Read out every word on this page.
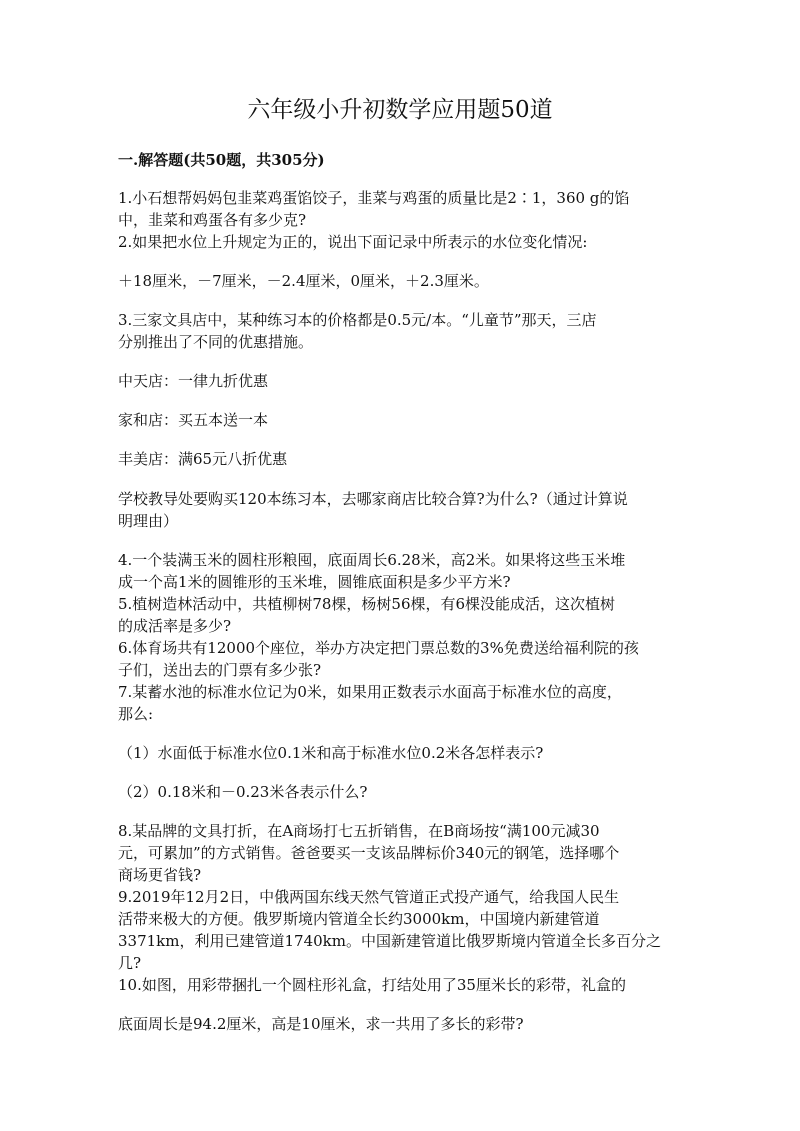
六年级小升初数学应用题50道
一.解答题(共50题，共305分)
1.小石想帮妈妈包韭菜鸡蛋馅饺子，韭菜与鸡蛋的质量比是2∶1，360 g的馅
中，韭菜和鸡蛋各有多少克?
2.如果把水位上升规定为正的，说出下面记录中所表示的水位变化情况:
＋18厘米，－7厘米，－2.4厘米，0厘米，＋2.3厘米。
3.三家文具店中，某种练习本的价格都是0.5元/本。“儿童节”那天，三店
分别推出了不同的优惠措施。
中天店：一律九折优惠
家和店：买五本送一本
丰美店：满65元八折优惠
学校教导处要购买120本练习本，去哪家商店比较合算?为什么?（通过计算说
明理由）
4.一个装满玉米的圆柱形粮囤，底面周长6.28米，高2米。如果将这些玉米堆
成一个高1米的圆锥形的玉米堆，圆锥底面积是多少平方米?
5.植树造林活动中，共植柳树78棵，杨树56棵，有6棵没能成活，这次植树
的成活率是多少?
6.体育场共有12000个座位，举办方决定把门票总数的3%免费送给福利院的孩
子们，送出去的门票有多少张?
7.某蓄水池的标准水位记为0米，如果用正数表示水面高于标准水位的高度，
那么:
（1）水面低于标准水位0.1米和高于标准水位0.2米各怎样表示?
（2）0.18米和－0.23米各表示什么?
8.某品牌的文具打折，在A商场打七五折销售，在B商场按“满100元减30
元，可累加”的方式销售。爸爸要买一支该品牌标价340元的钢笔，选择哪个
商场更省钱?
9.2019年12月2日，中俄两国东线天然气管道正式投产通气，给我国人民生
活带来极大的方便。俄罗斯境内管道全长约3000km，中国境内新建管道
3371km，利用已建管道1740km。中国新建管道比俄罗斯境内管道全长多百分之
几?
10.如图，用彩带捆扎一个圆柱形礼盒，打结处用了35厘米长的彩带，礼盒的
底面周长是94.2厘米，高是10厘米，求一共用了多长的彩带?
